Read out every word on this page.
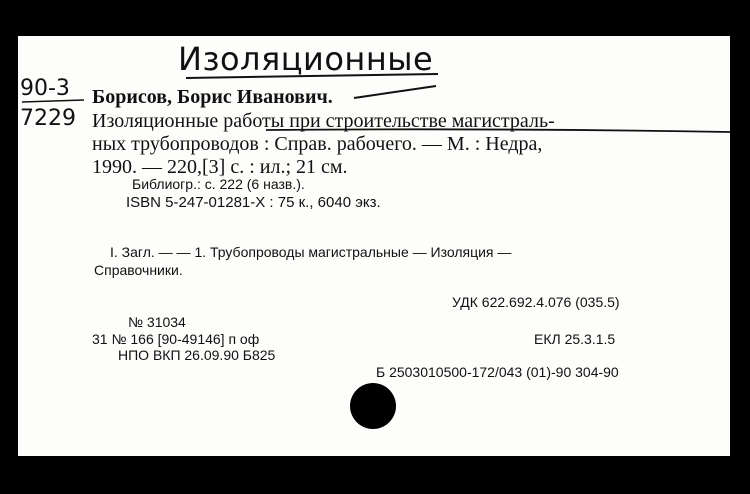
Изоляционные
90-3
7229
Борисов, Борис Иванович.
Изоляционные работы при строительстве магистраль-
ных трубопроводов : Справ. рабочего. — М. : Недра,
1990. — 220,[3] с. : ил.; 21 см.
Библиогр.: с. 222 (6 назв.).
ISBN 5-247-01281-X : 75 к., 6040 экз.
I. Загл. — — 1. Трубопроводы магистральные — Изоляция —
Справочники.
УДК 622.692.4.076 (035.5)
№ 31034
31 № 166 [90-49146] п оф	ЕКЛ 25.3.1.5
НПО ВКП 26.09.90 Б825
Б 2503010500-172/043 (01)-90 304-90
